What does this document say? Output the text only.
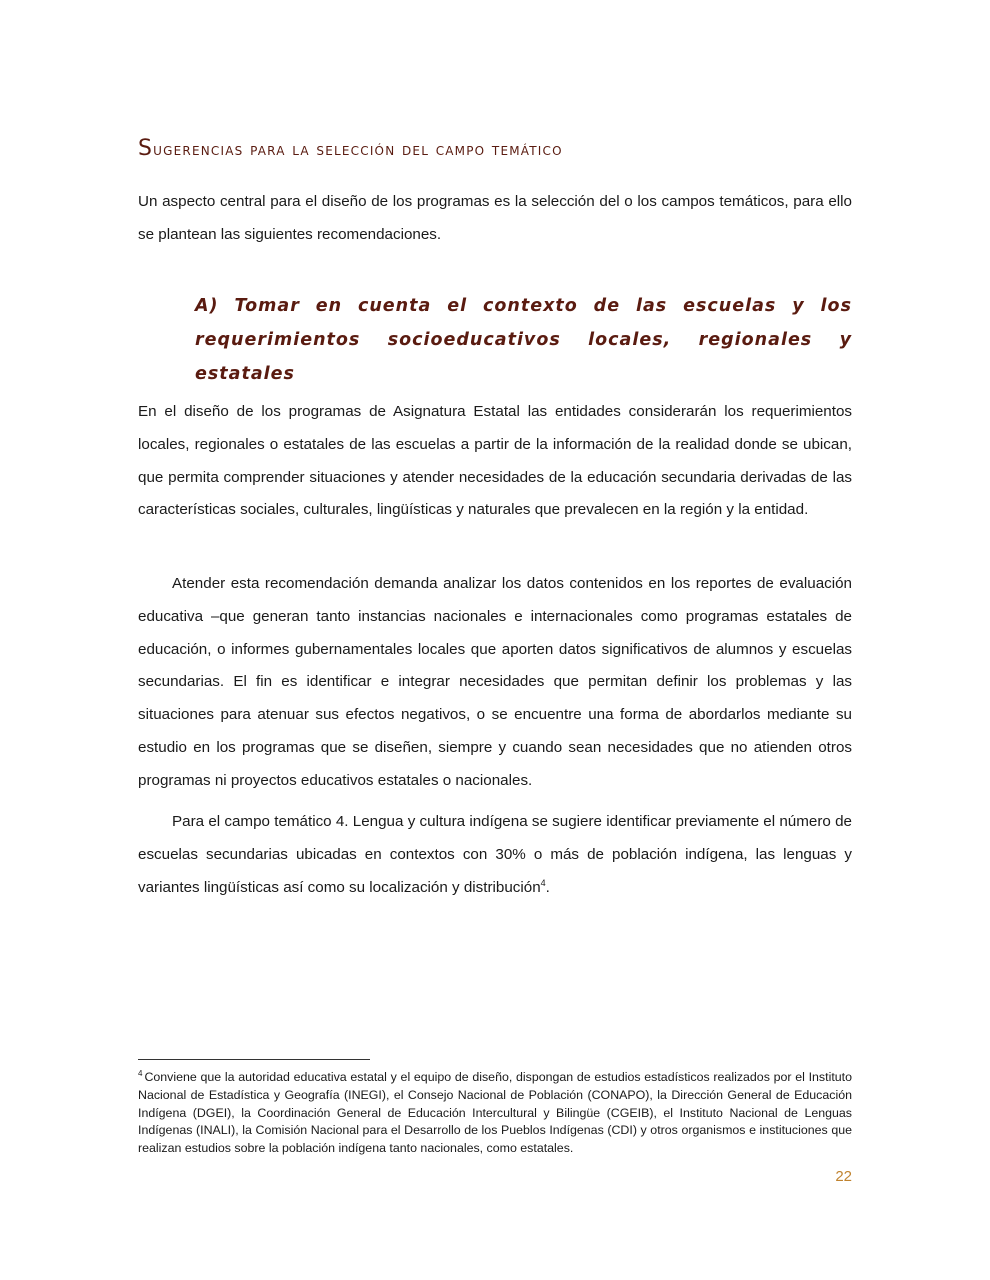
Sugerencias para la selección del campo temático

Un aspecto central para el diseño de los programas es la selección del o los campos temáticos, para ello se plantean las siguientes recomendaciones.

A) Tomar en cuenta el contexto de las escuelas y los requerimientos socioeducativos locales, regionales y estatales

En el diseño de los programas de Asignatura Estatal las entidades considerarán los requerimientos locales, regionales o estatales de las escuelas a partir de la información de la realidad donde se ubican, que permita comprender situaciones y atender necesidades de la educación secundaria derivadas de las características sociales, culturales, lingüísticas y naturales que prevalecen en la región y la entidad.

Atender esta recomendación demanda analizar los datos contenidos en los reportes de evaluación educativa –que generan tanto instancias nacionales e internacionales como programas estatales de educación, o informes gubernamentales locales que aporten datos significativos de alumnos y escuelas secundarias. El fin es identificar e integrar necesidades que permitan definir los problemas y las situaciones para atenuar sus efectos negativos, o se encuentre una forma de abordarlos mediante su estudio en los programas que se diseñen, siempre y cuando sean necesidades que no atienden otros programas ni proyectos educativos estatales o nacionales.

Para el campo temático 4. Lengua y cultura indígena se sugiere identificar previamente el número de escuelas secundarias ubicadas en contextos con 30% o más de población indígena, las lenguas y variantes lingüísticas así como su localización y distribución$^4$.

$^4$ Conviene que la autoridad educativa estatal y el equipo de diseño, dispongan de estudios estadísticos realizados por el Instituto Nacional de Estadística y Geografía (INEGI), el Consejo Nacional de Población (CONAPO), la Dirección General de Educación Indígena (DGEI), la Coordinación General de Educación Intercultural y Bilingüe (CGEIB), el Instituto Nacional de Lenguas Indígenas (INALI), la Comisión Nacional para el Desarrollo de los Pueblos Indígenas (CDI) y otros organismos e instituciones que realizan estudios sobre la población indígena tanto nacionales, como estatales.

22
